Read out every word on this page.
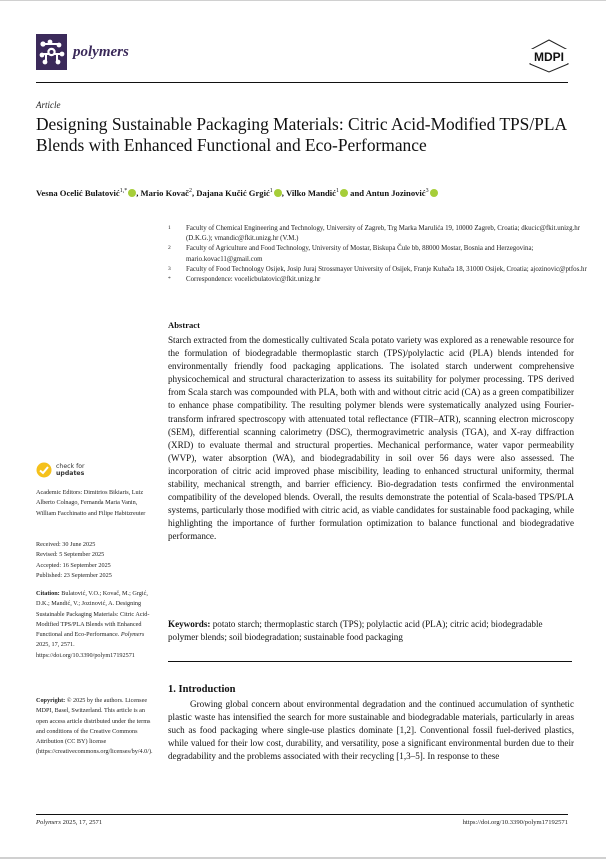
polymers	MDPI
Article
Designing Sustainable Packaging Materials: Citric Acid-Modified TPS/PLA Blends with Enhanced Functional and Eco-Performance
Vesna Ocelić Bulatović$^{1,*}$ , Mario Kovač$^2$, Dajana Kučić Grgić$^1$ , Vilko Mandić$^1$ and Antun Jozinović$^3$
1 Faculty of Chemical Engineering and Technology, University of Zagreb, Trg Marka Marulića 19, 10000 Zagreb, Croatia; dkucic@fkit.unizg.hr (D.K.G.); vmandic@fkit.unizg.hr (V.M.)
2 Faculty of Agriculture and Food Technology, University of Mostar, Biskupa Čule bb, 88000 Mostar, Bosnia and Herzegovina; mario.kovac11@gmail.com
3 Faculty of Food Technology Osijek, Josip Juraj Strossmayer University of Osijek, Franje Kuhača 18, 31000 Osijek, Croatia; ajozinovic@ptfos.hr
* Correspondence: vocelicbulatovic@fkit.unizg.hr
Abstract
Starch extracted from the domestically cultivated Scala potato variety was explored as a renewable resource for the formulation of biodegradable thermoplastic starch (TPS)/polylactic acid (PLA) blends intended for environmentally friendly food packaging applications. The isolated starch underwent comprehensive physicochemical and structural characterization to assess its suitability for polymer processing. TPS derived from Scala starch was compounded with PLA, both with and without citric acid (CA) as a green compatibilizer to enhance phase compatibility. The resulting polymer blends were systematically analyzed using Fourier-transform infrared spectroscopy with attenuated total reflectance (FTIR–ATR), scanning electron microscopy (SEM), differential scanning calorimetry (DSC), thermogravimetric analysis (TGA), and X-ray diffraction (XRD) to evaluate thermal and structural properties. Mechanical performance, water vapor permeability (WVP), water absorption (WA), and biodegradability in soil over 56 days were also assessed. The incorporation of citric acid improved phase miscibility, leading to enhanced structural uniformity, thermal stability, mechanical strength, and barrier efficiency. Bio-degradation tests confirmed the environmental compatibility of the developed blends. Overall, the results demonstrate the potential of Scala-based TPS/PLA systems, particularly those modified with citric acid, as viable candidates for sustainable food packaging, while highlighting the importance of further formulation optimization to balance functional and biodegradative performance.
Keywords: potato starch; thermoplastic starch (TPS); polylactic acid (PLA); citric acid; biodegradable polymer blends; soil biodegradation; sustainable food packaging
1. Introduction
Growing global concern about environmental degradation and the continued accumulation of synthetic plastic waste has intensified the search for more sustainable and biodegradable materials, particularly in areas such as food packaging where single-use plastics dominate [1,2]. Conventional fossil fuel-derived plastics, while valued for their low cost, durability, and versatility, pose a significant environmental burden due to their degradability and the problems associated with their recycling [1,3–5]. In response to these
check for
updates
Academic Editors: Dimitrios Bikiaris, Luiz Alberto Colnago, Fernanda Maria Vanin, William Facchinatto and Filipe Habitzreuter
Received: 30 June 2025
Revised: 5 September 2025
Accepted: 16 September 2025
Published: 23 September 2025
Citation: Bulatović, V.O.; Kovač, M.; Grgić, D.K.; Mandić, V.; Jozinović, A. Designing Sustainable Packaging Materials: Citric Acid-Modified TPS/PLA Blends with Enhanced Functional and Eco-Performance. Polymers 2025, 17, 2571. https://doi.org/10.3390/polym17192571
Copyright: © 2025 by the authors. Licensee MDPI, Basel, Switzerland. This article is an open access article distributed under the terms and conditions of the Creative Commons Attribution (CC BY) license (https://creativecommons.org/licenses/by/4.0/).
Polymers 2025, 17, 2571	https://doi.org/10.3390/polym17192571
